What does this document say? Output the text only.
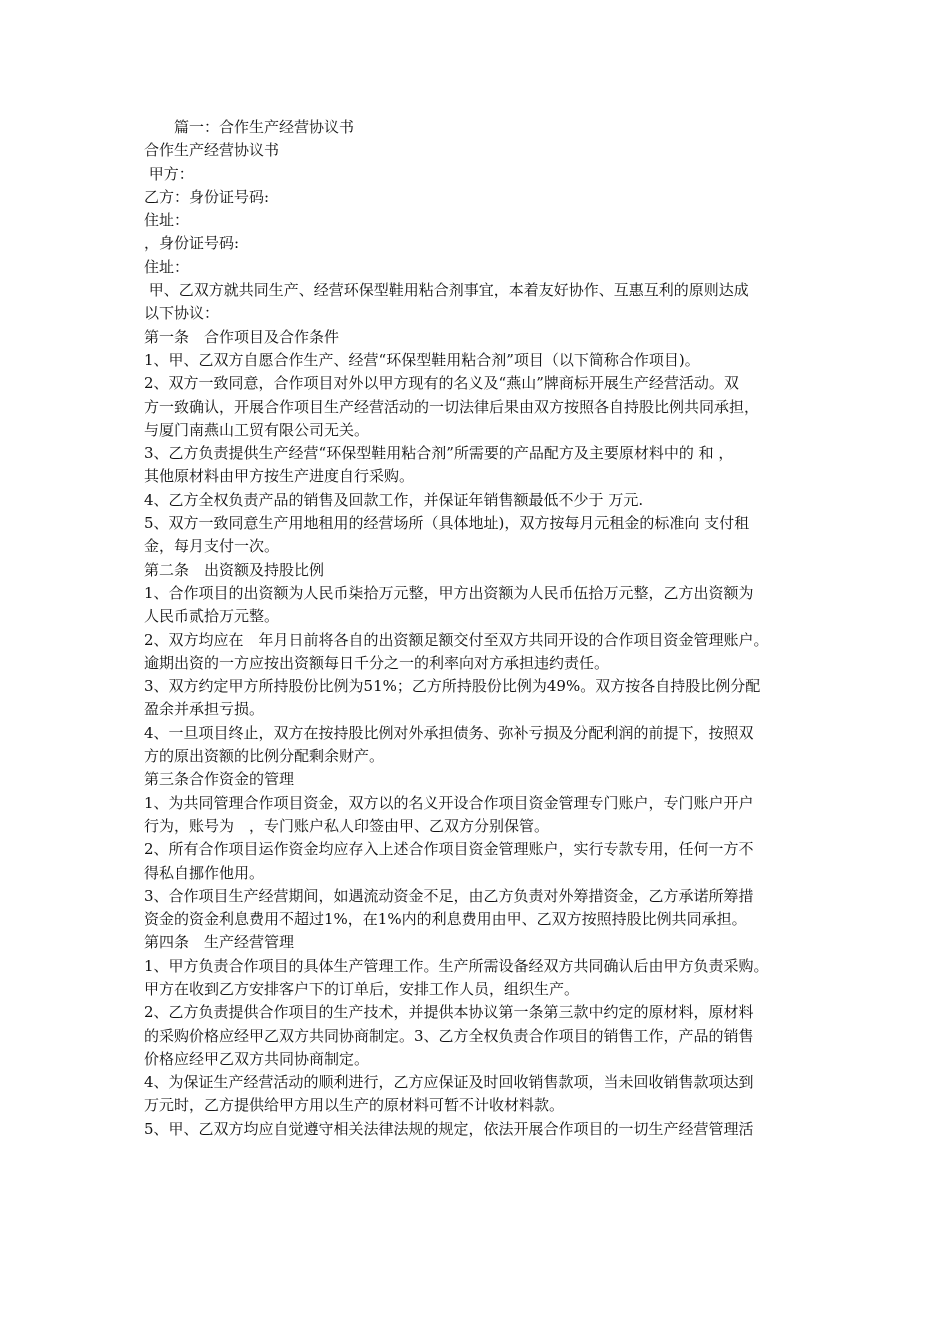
篇一：合作生产经营协议书
合作生产经营协议书
甲方：
乙方：身份证号码:
住址：
，身份证号码:
住址：
甲、乙双方就共同生产、经营环保型鞋用粘合剂事宜，本着友好协作、互惠互利的原则达成
以下协议：
第一条　合作项目及合作条件
1、甲、乙双方自愿合作生产、经营“环保型鞋用粘合剂”项目（以下简称合作项目)。
2、双方一致同意，合作项目对外以甲方现有的名义及“燕山”牌商标开展生产经营活动。双
方一致确认，开展合作项目生产经营活动的一切法律后果由双方按照各自持股比例共同承担，
与厦门南燕山工贸有限公司无关。
3、乙方负责提供生产经营“环保型鞋用粘合剂”所需要的产品配方及主要原材料中的 和 ，
其他原材料由甲方按生产进度自行采购。
4、乙方全权负责产品的销售及回款工作，并保证年销售额最低不少于 万元.
5、双方一致同意生产用地租用的经营场所（具体地址)，双方按每月元租金的标准向 支付租
金，每月支付一次。
第二条　出资额及持股比例
1、合作项目的出资额为人民币柒拾万元整，甲方出资额为人民币伍拾万元整，乙方出资额为
人民币贰拾万元整。
2、双方均应在　年月日前将各自的出资额足额交付至双方共同开设的合作项目资金管理账户。
逾期出资的一方应按出资额每日千分之一的利率向对方承担违约责任。
3、双方约定甲方所持股份比例为51%；乙方所持股份比例为49%。双方按各自持股比例分配
盈余并承担亏损。
4、一旦项目终止，双方在按持股比例对外承担债务、弥补亏损及分配利润的前提下，按照双
方的原出资额的比例分配剩余财产。
第三条合作资金的管理
1、为共同管理合作项目资金，双方以的名义开设合作项目资金管理专门账户，专门账户开户
行为，账号为　，专门账户私人印签由甲、乙双方分别保管。
2、所有合作项目运作资金均应存入上述合作项目资金管理账户，实行专款专用，任何一方不
得私自挪作他用。
3、合作项目生产经营期间，如遇流动资金不足，由乙方负责对外筹措资金，乙方承诺所筹措
资金的资金利息费用不超过1%，在1%内的利息费用由甲、乙双方按照持股比例共同承担。
第四条　生产经营管理
1、甲方负责合作项目的具体生产管理工作。生产所需设备经双方共同确认后由甲方负责采购。
甲方在收到乙方安排客户下的订单后，安排工作人员，组织生产。
2、乙方负责提供合作项目的生产技术，并提供本协议第一条第三款中约定的原材料，原材料
的采购价格应经甲乙双方共同协商制定。3、乙方全权负责合作项目的销售工作，产品的销售
价格应经甲乙双方共同协商制定。
4、为保证生产经营活动的顺利进行，乙方应保证及时回收销售款项，当未回收销售款项达到
万元时，乙方提供给甲方用以生产的原材料可暂不计收材料款。
5、甲、乙双方均应自觉遵守相关法律法规的规定，依法开展合作项目的一切生产经营管理活
